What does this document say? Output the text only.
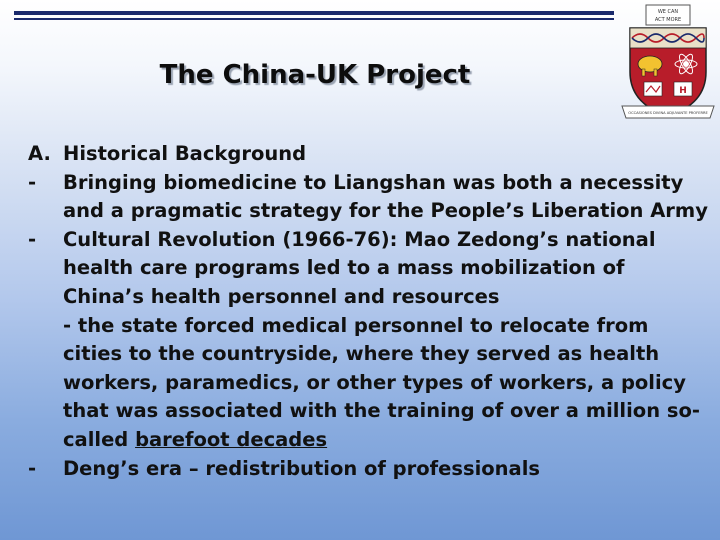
The China-UK Project
WE CAN
ACT MORE
H
OCCASIONES DIVINA ADJUVANTE PROFERRE
A. Historical Background
-	Bringing biomedicine to Liangshan was both a necessity and a pragmatic strategy for the People’s Liberation Army
-	Cultural Revolution (1966-76): Mao Zedong’s national health care programs led to a mass mobilization of China’s health personnel and resources
- the state forced medical personnel to relocate from cities to the countryside, where they served as health workers, paramedics, or other types of workers, a policy that was associated with the training of over a million so-called barefoot decades
-	Deng’s era – redistribution of professionals
